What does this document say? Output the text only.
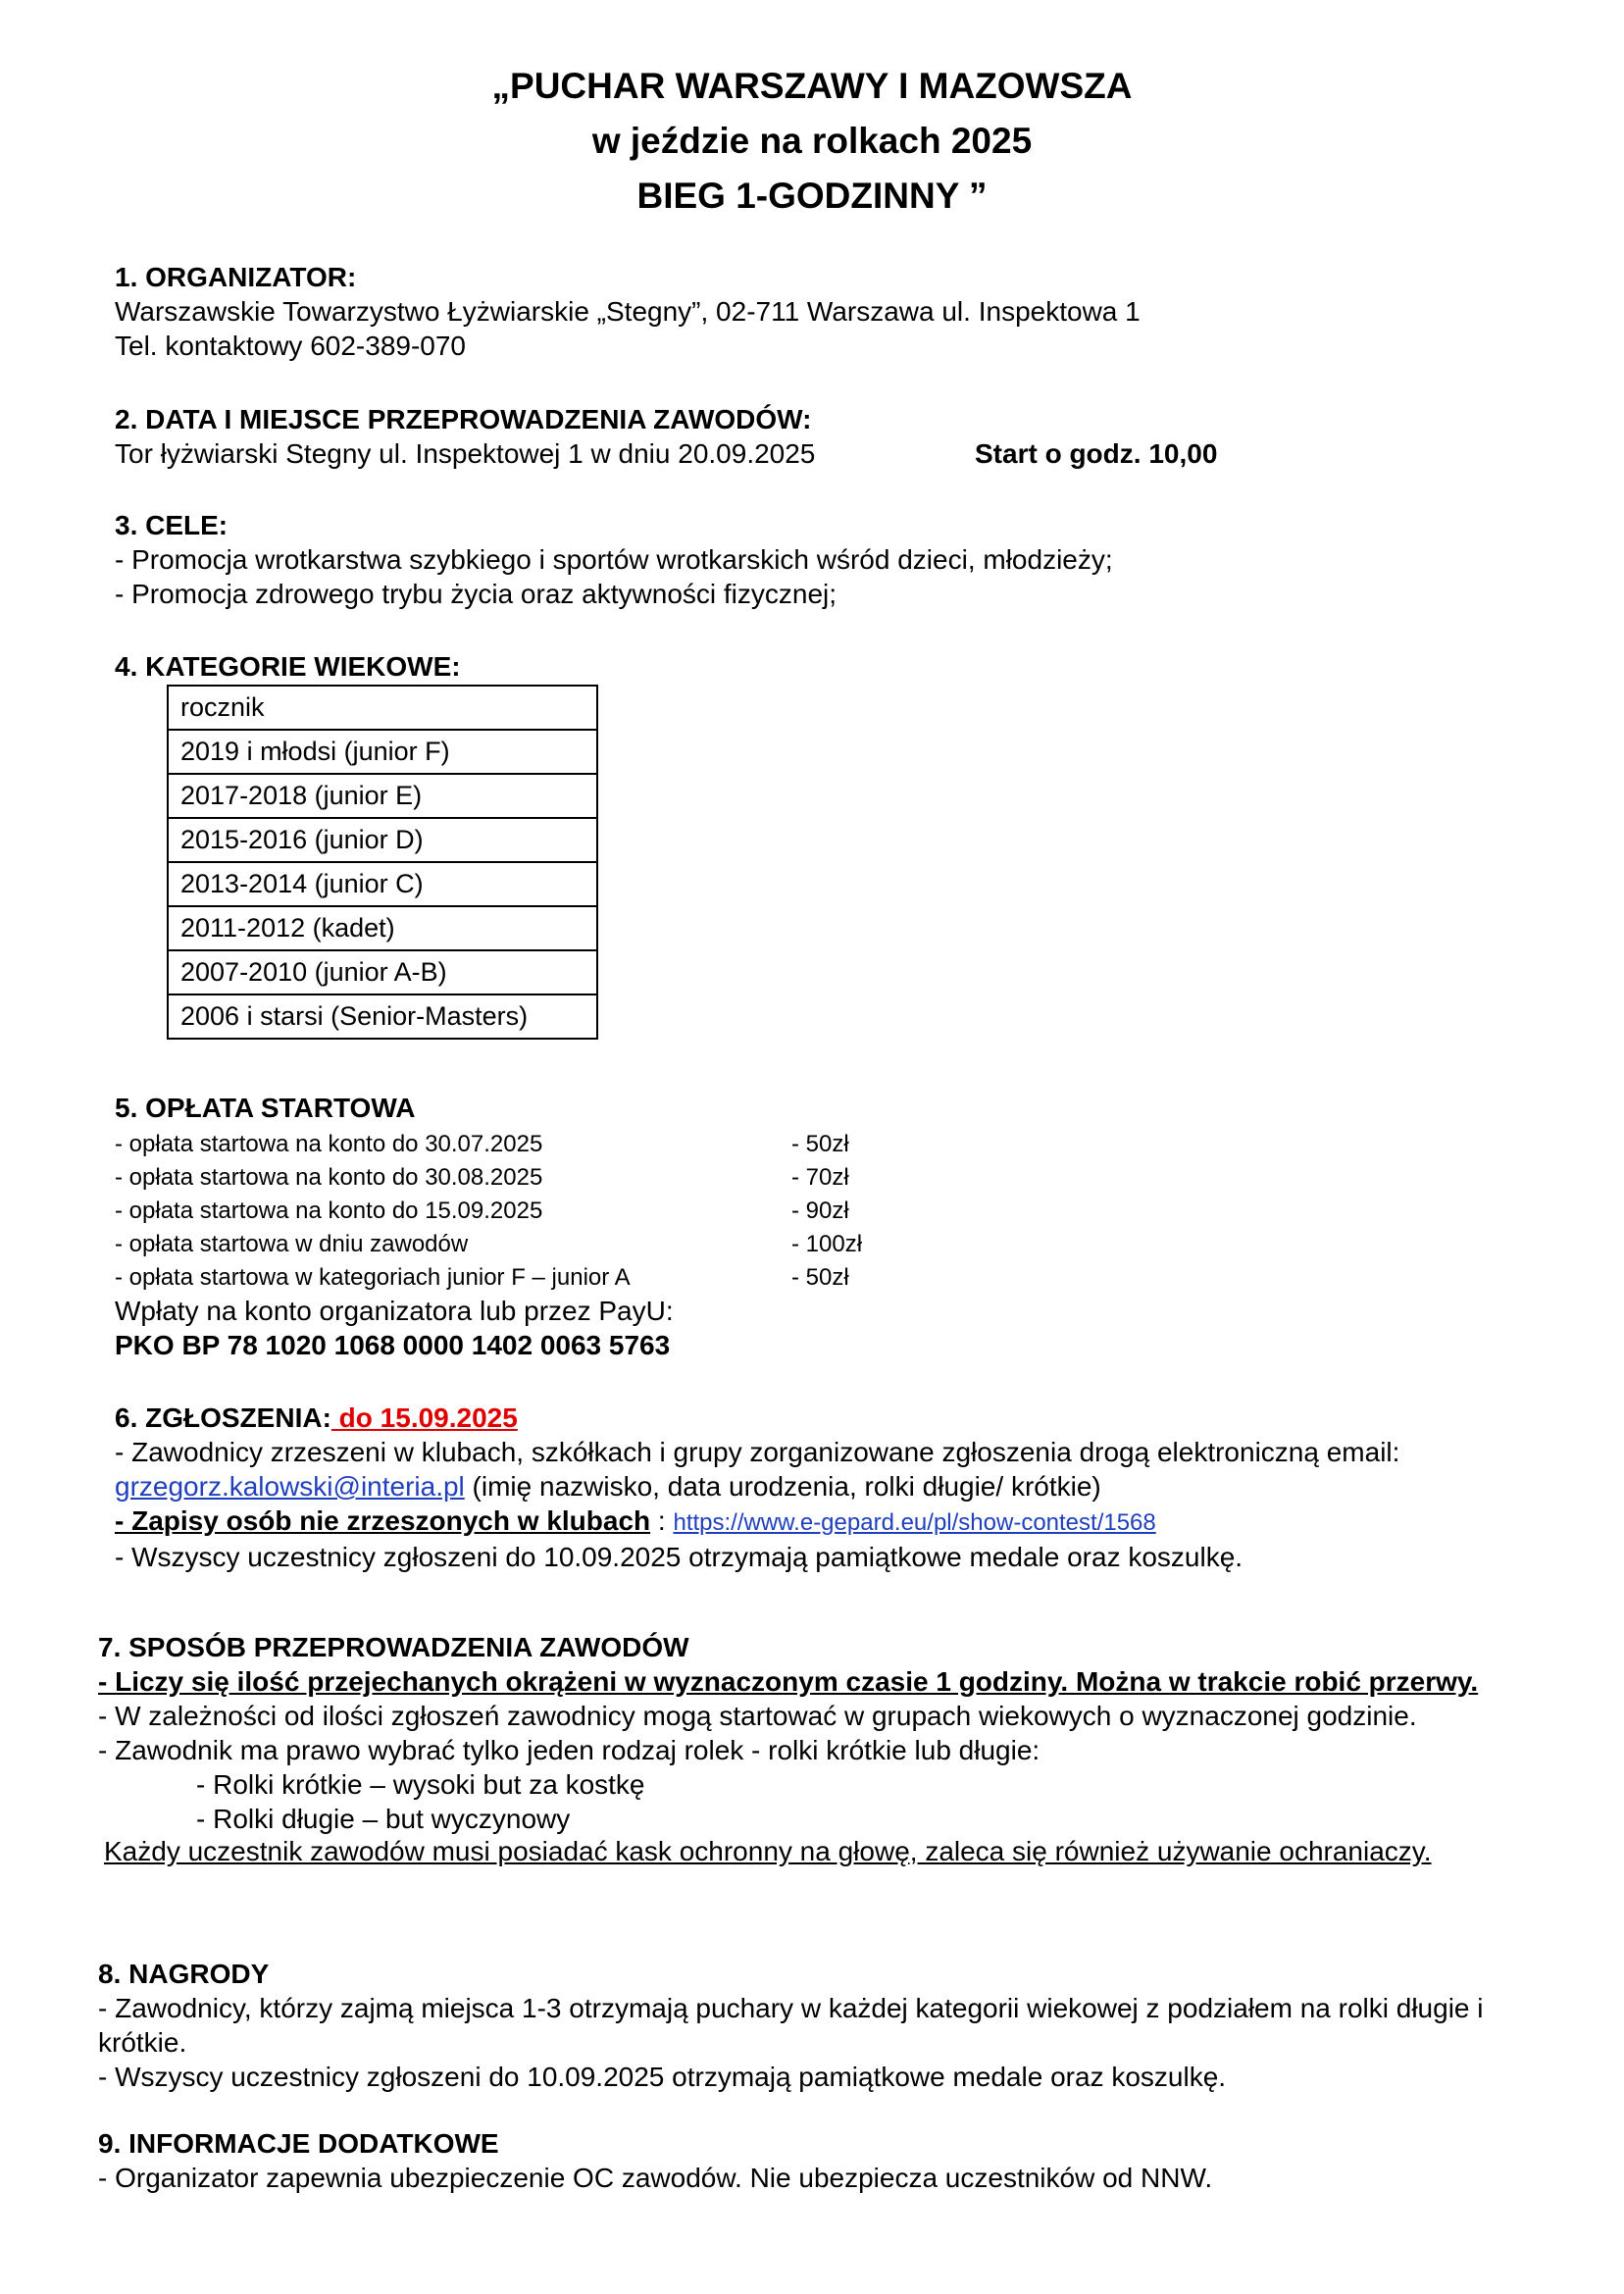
„PUCHAR WARSZAWY I MAZOWSZA
w jeździe na rolkach 2025
BIEG 1-GODZINNY ”
1. ORGANIZATOR:
Warszawskie Towarzystwo Łyżwiarskie „Stegny”, 02-711 Warszawa ul. Inspektowa 1
Tel. kontaktowy 602-389-070
2. DATA I MIEJSCE PRZEPROWADZENIA ZAWODÓW:
Tor łyżwiarski Stegny ul. Inspektowej 1 w dniu 20.09.2025	Start o godz. 10,00
3. CELE:
- Promocja wrotkarstwa szybkiego i sportów wrotkarskich wśród dzieci, młodzieży;
- Promocja zdrowego trybu życia oraz aktywności fizycznej;
4. KATEGORIE WIEKOWE:
rocznik
2019 i młodsi (junior F)
2017-2018 (junior E)
2015-2016 (junior D)
2013-2014 (junior C)
2011-2012 (kadet)
2007-2010 (junior A-B)
2006 i starsi (Senior-Masters)
5. OPŁATA STARTOWA
- opłata startowa na konto do 30.07.2025	- 50zł
- opłata startowa na konto do 30.08.2025	- 70zł
- opłata startowa na konto do 15.09.2025	- 90zł
- opłata startowa w dniu zawodów	- 100zł
- opłata startowa w kategoriach junior F – junior A	- 50zł
Wpłaty na konto organizatora lub przez PayU:
PKO BP 78 1020 1068 0000 1402 0063 5763
6. ZGŁOSZENIA: do 15.09.2025
- Zawodnicy zrzeszeni w klubach, szkółkach i grupy zorganizowane zgłoszenia drogą elektroniczną email:
grzegorz.kalowski@interia.pl (imię nazwisko, data urodzenia, rolki długie/ krótkie)
- Zapisy osób nie zrzeszonych w klubach : https://www.e-gepard.eu/pl/show-contest/1568
- Wszyscy uczestnicy zgłoszeni do 10.09.2025 otrzymają pamiątkowe medale oraz koszulkę.
7. SPOSÓB PRZEPROWADZENIA ZAWODÓW
- Liczy się ilość przejechanych okrążeni w wyznaczonym czasie 1 godziny. Można w trakcie robić przerwy.
- W zależności od ilości zgłoszeń zawodnicy mogą startować w grupach wiekowych o wyznaczonej godzinie.
- Zawodnik ma prawo wybrać tylko jeden rodzaj rolek - rolki krótkie lub długie:
- Rolki krótkie – wysoki but za kostkę
- Rolki długie – but wyczynowy
Każdy uczestnik zawodów musi posiadać kask ochronny na głowę, zaleca się również używanie ochraniaczy.
8. NAGRODY
- Zawodnicy, którzy zajmą miejsca 1-3 otrzymają puchary w każdej kategorii wiekowej z podziałem na rolki długie i krótkie.
- Wszyscy uczestnicy zgłoszeni do 10.09.2025 otrzymają pamiątkowe medale oraz koszulkę.
9. INFORMACJE DODATKOWE
- Organizator zapewnia ubezpieczenie OC zawodów. Nie ubezpiecza uczestników od NNW.
